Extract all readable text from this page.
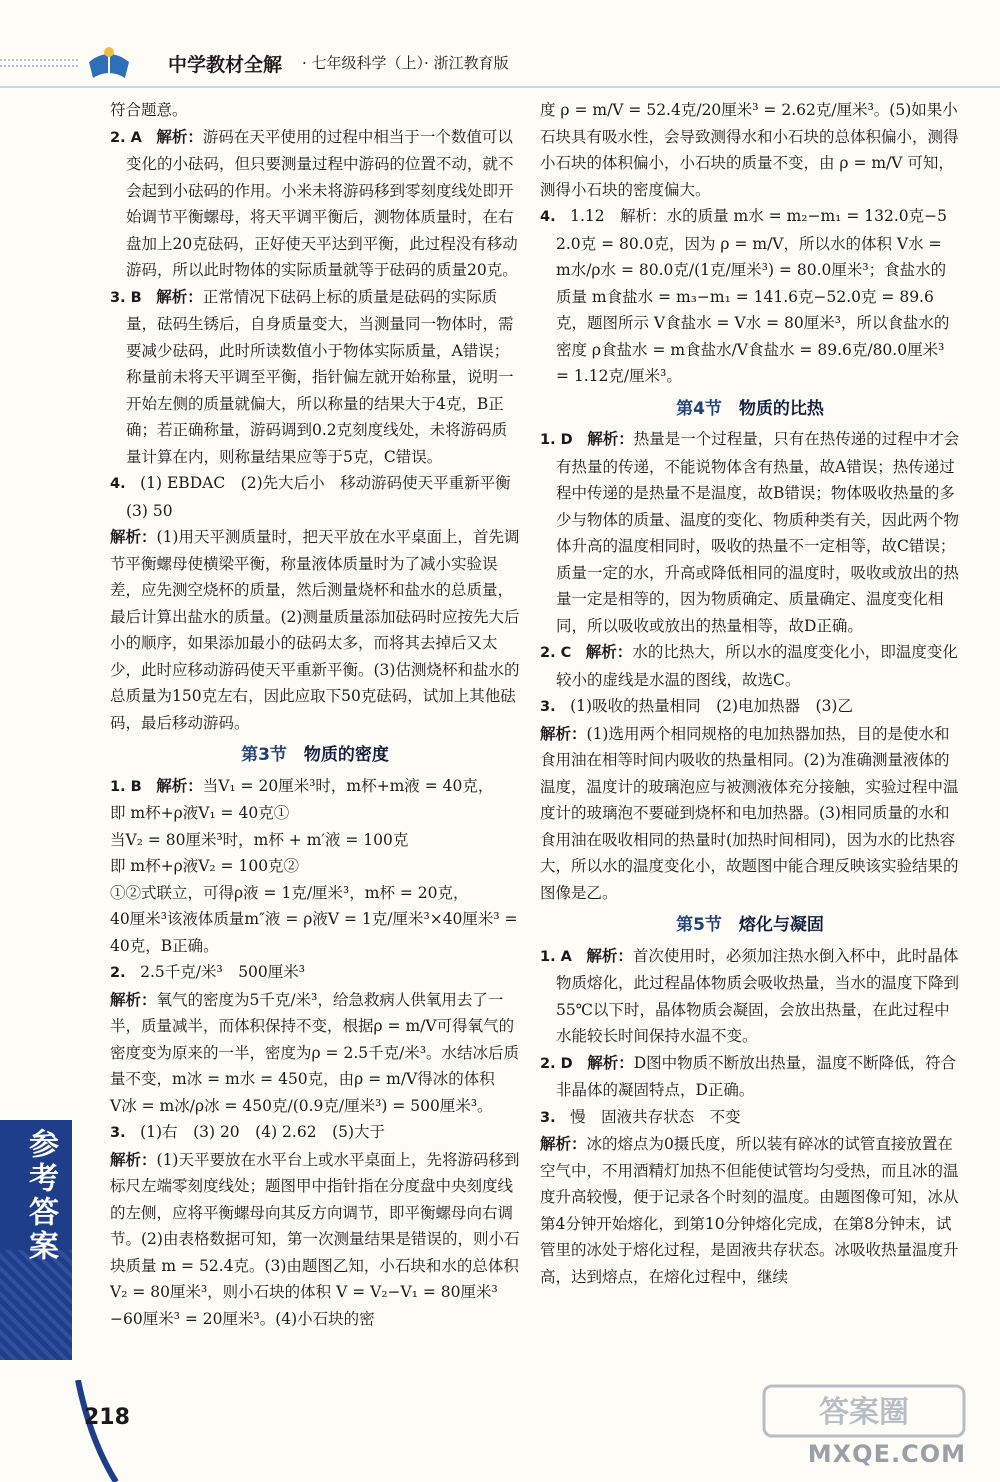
中学教材全解 · 七年级科学（上）· 浙江教育版

符合题意。

2. A　解析：游码在天平使用的过程中相当于一个数值可以变化的小砝码，但只要测量过程中游码的位置不动，就不会起到小砝码的作用。小米未将游码移到零刻度线处即开始调节平衡螺母，将天平调平衡后，测物体质量时，在右盘加上20克砝码，正好使天平达到平衡，此过程没有移动游码，所以此时物体的实际质量就等于砝码的质量20克。

3. B　解析：正常情况下砝码上标的质量是砝码的实际质量，砝码生锈后，自身质量变大，当测量同一物体时，需要减少砝码，此时所读数值小于物体实际质量，A错误；称量前未将天平调至平衡，指针偏左就开始称量，说明一开始左侧的质量就偏大，所以称量的结果大于4克，B正确；若正确称量，游码调到0.2克刻度线处，未将游码质量计算在内，则称量结果应等于5克，C错误。

4.　(1) EBDAC　(2)先大后小　移动游码使天平重新平衡　(3) 50

解析：(1)用天平测质量时，把天平放在水平桌面上，首先调节平衡螺母使横梁平衡，称量液体质量时为了减小实验误差，应先测空烧杯的质量，然后测量烧杯和盐水的总质量，最后计算出盐水的质量。(2)测量质量添加砝码时应按先大后小的顺序，如果添加最小的砝码太多，而将其去掉后又太少，此时应移动游码使天平重新平衡。(3)估测烧杯和盐水的总质量为150克左右，因此应取下50克砝码，试加上其他砝码，最后移动游码。

第3节　 物质的密度

1. B　解析：当V₁ = 20厘米³时，m杯+m液 = 40克，

即 m杯+ρ液V₁ = 40克①

当V₂ = 80厘米³时，m杯 + m′液 = 100克

即 m杯+ρ液V₂ = 100克②

①②式联立，可得ρ液 = 1克/厘米³，m杯 = 20克，

40厘米³该液体质量m″液 = ρ液V = 1克/厘米³×40厘米³ = 40克，B正确。

2.　2.5千克/米³　500厘米³

解析：氧气的密度为5千克/米³，给急救病人供氧用去了一半，质量减半，而体积保持不变，根据ρ = m/V可得氧气的密度变为原来的一半，密度为ρ = 2.5千克/米³。水结冰后质量不变，m冰 = m水 = 450克，由ρ = m/V得冰的体积

V冰 = m冰/ρ冰 = 450克/(0.9克/厘米³) = 500厘米³。

3.　(1)右　(3) 20　(4) 2.62　(5)大于

解析：(1)天平要放在水平台上或水平桌面上，先将游码移到标尺左端零刻度线处；题图甲中指针指在分度盘中央刻度线的左侧，应将平衡螺母向其反方向调节，即平衡螺母向右调节。(2)由表格数据可知，第一次测量结果是错误的，则小石块质量 m = 52.4克。(3)由题图乙知，小石块和水的总体积 V₂ = 80厘米³，则小石块的体积 V = V₂−V₁ = 80厘米³−60厘米³ = 20厘米³。(4)小石块的密

度 ρ = m/V = 52.4克/20厘米³ = 2.62克/厘米³。(5)如果小石块具有吸水性，会导致测得水和小石块的总体积偏小，测得小石块的体积偏小，小石块的质量不变，由 ρ = m/V 可知，测得小石块的密度偏大。

4.　1.12　解析：水的质量 m水 = m₂−m₁ = 132.0克−52.0克 = 80.0克，因为 ρ = m/V，所以水的体积 V水 = m水/ρ水 = 80.0克/(1克/厘米³) = 80.0厘米³；食盐水的质量 m食盐水 = m₃−m₁ = 141.6克−52.0克 = 89.6克，题图所示 V食盐水 = V水 = 80厘米³，所以食盐水的密度 ρ食盐水 = m食盐水/V食盐水 = 89.6克/80.0厘米³ = 1.12克/厘米³。

第4节　 物质的比热

1. D　解析：热量是一个过程量，只有在热传递的过程中才会有热量的传递，不能说物体含有热量，故A错误；热传递过程中传递的是热量不是温度，故B错误；物体吸收热量的多少与物体的质量、温度的变化、物质种类有关，因此两个物体升高的温度相同时，吸收的热量不一定相等，故C错误；质量一定的水，升高或降低相同的温度时，吸收或放出的热量一定是相等的，因为物质确定、质量确定、温度变化相同，所以吸收或放出的热量相等，故D正确。

2. C　解析：水的比热大，所以水的温度变化小，即温度变化较小的虚线是水温的图线，故选C。

3.　(1)吸收的热量相同　(2)电加热器　(3)乙

解析：(1)选用两个相同规格的电加热器加热，目的是使水和食用油在相等时间内吸收的热量相同。(2)为准确测量液体的温度，温度计的玻璃泡应与被测液体充分接触，实验过程中温度计的玻璃泡不要碰到烧杯和电加热器。(3)相同质量的水和食用油在吸收相同的热量时(加热时间相同)，因为水的比热容大，所以水的温度变化小，故题图中能合理反映该实验结果的图像是乙。

第5节　 熔化与凝固

1. A　解析：首次使用时，必须加注热水倒入杯中，此时晶体物质熔化，此过程晶体物质会吸收热量，当水的温度下降到55℃以下时，晶体物质会凝固，会放出热量，在此过程中水能较长时间保持水温不变。

2. D　解析：D图中物质不断放出热量，温度不断降低，符合非晶体的凝固特点，D正确。

3.　慢　固液共存状态　不变

解析：冰的熔点为0摄氏度，所以装有碎冰的试管直接放置在空气中，不用酒精灯加热不但能使试管均匀受热，而且冰的温度升高较慢，便于记录各个时刻的温度。由题图像可知，冰从第4分钟开始熔化，到第10分钟熔化完成，在第8分钟末，试管里的冰处于熔化过程，是固液共存状态。冰吸收热量温度升高，达到熔点，在熔化过程中，继续

参考答案
218	答案圈
MXQE.COM
